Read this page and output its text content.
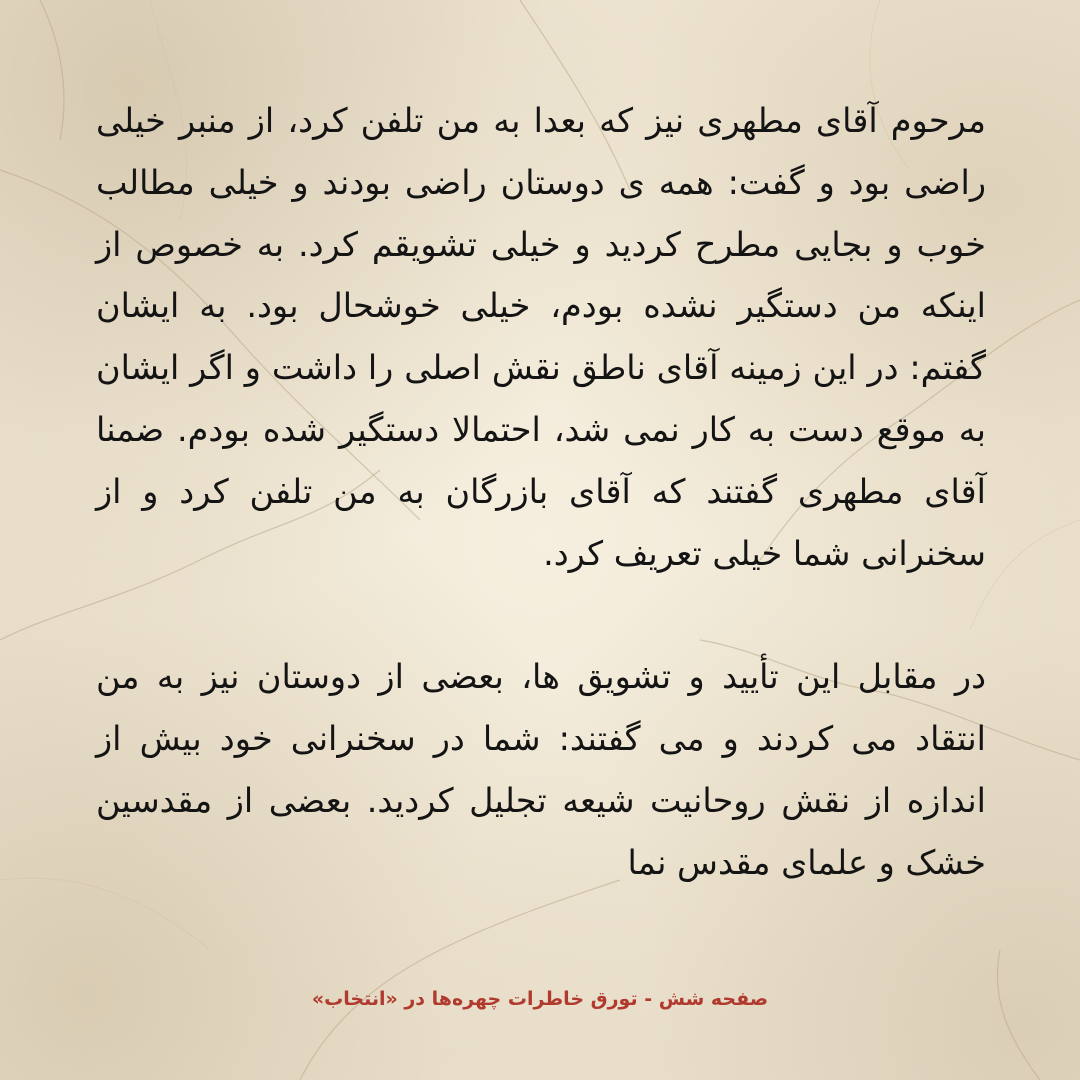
مرحوم آقای مطهری نیز که بعدا به من تلفن کرد، از منبر خیلی راضی بود و گفت: همه ی دوستان راضی بودند و خیلی مطالب خوب و بجایی مطرح کردید و خیلی تشویقم کرد. به خصوص از اینکه من دستگیر نشده بودم، خیلی خوشحال بود. به ایشان گفتم: در این زمینه آقای ناطق نقش اصلی را داشت و اگر ایشان به موقع دست به کار نمی شد، احتمالا دستگیر شده بودم. ضمنا آقای مطهری گفتند که آقای بازرگان به من تلفن کرد و از سخنرانی شما خیلی تعریف کرد.

در مقابل این تأیید و تشویق ها، بعضی از دوستان نیز به من انتقاد می کردند و می گفتند: شما در سخنرانی خود بیش از اندازه از نقش روحانیت شیعه تجلیل کردید. بعضی از مقدسین خشک و علمای مقدس نما

صفحه شش - تورق خاطرات چهره‌ها در «انتخاب»
